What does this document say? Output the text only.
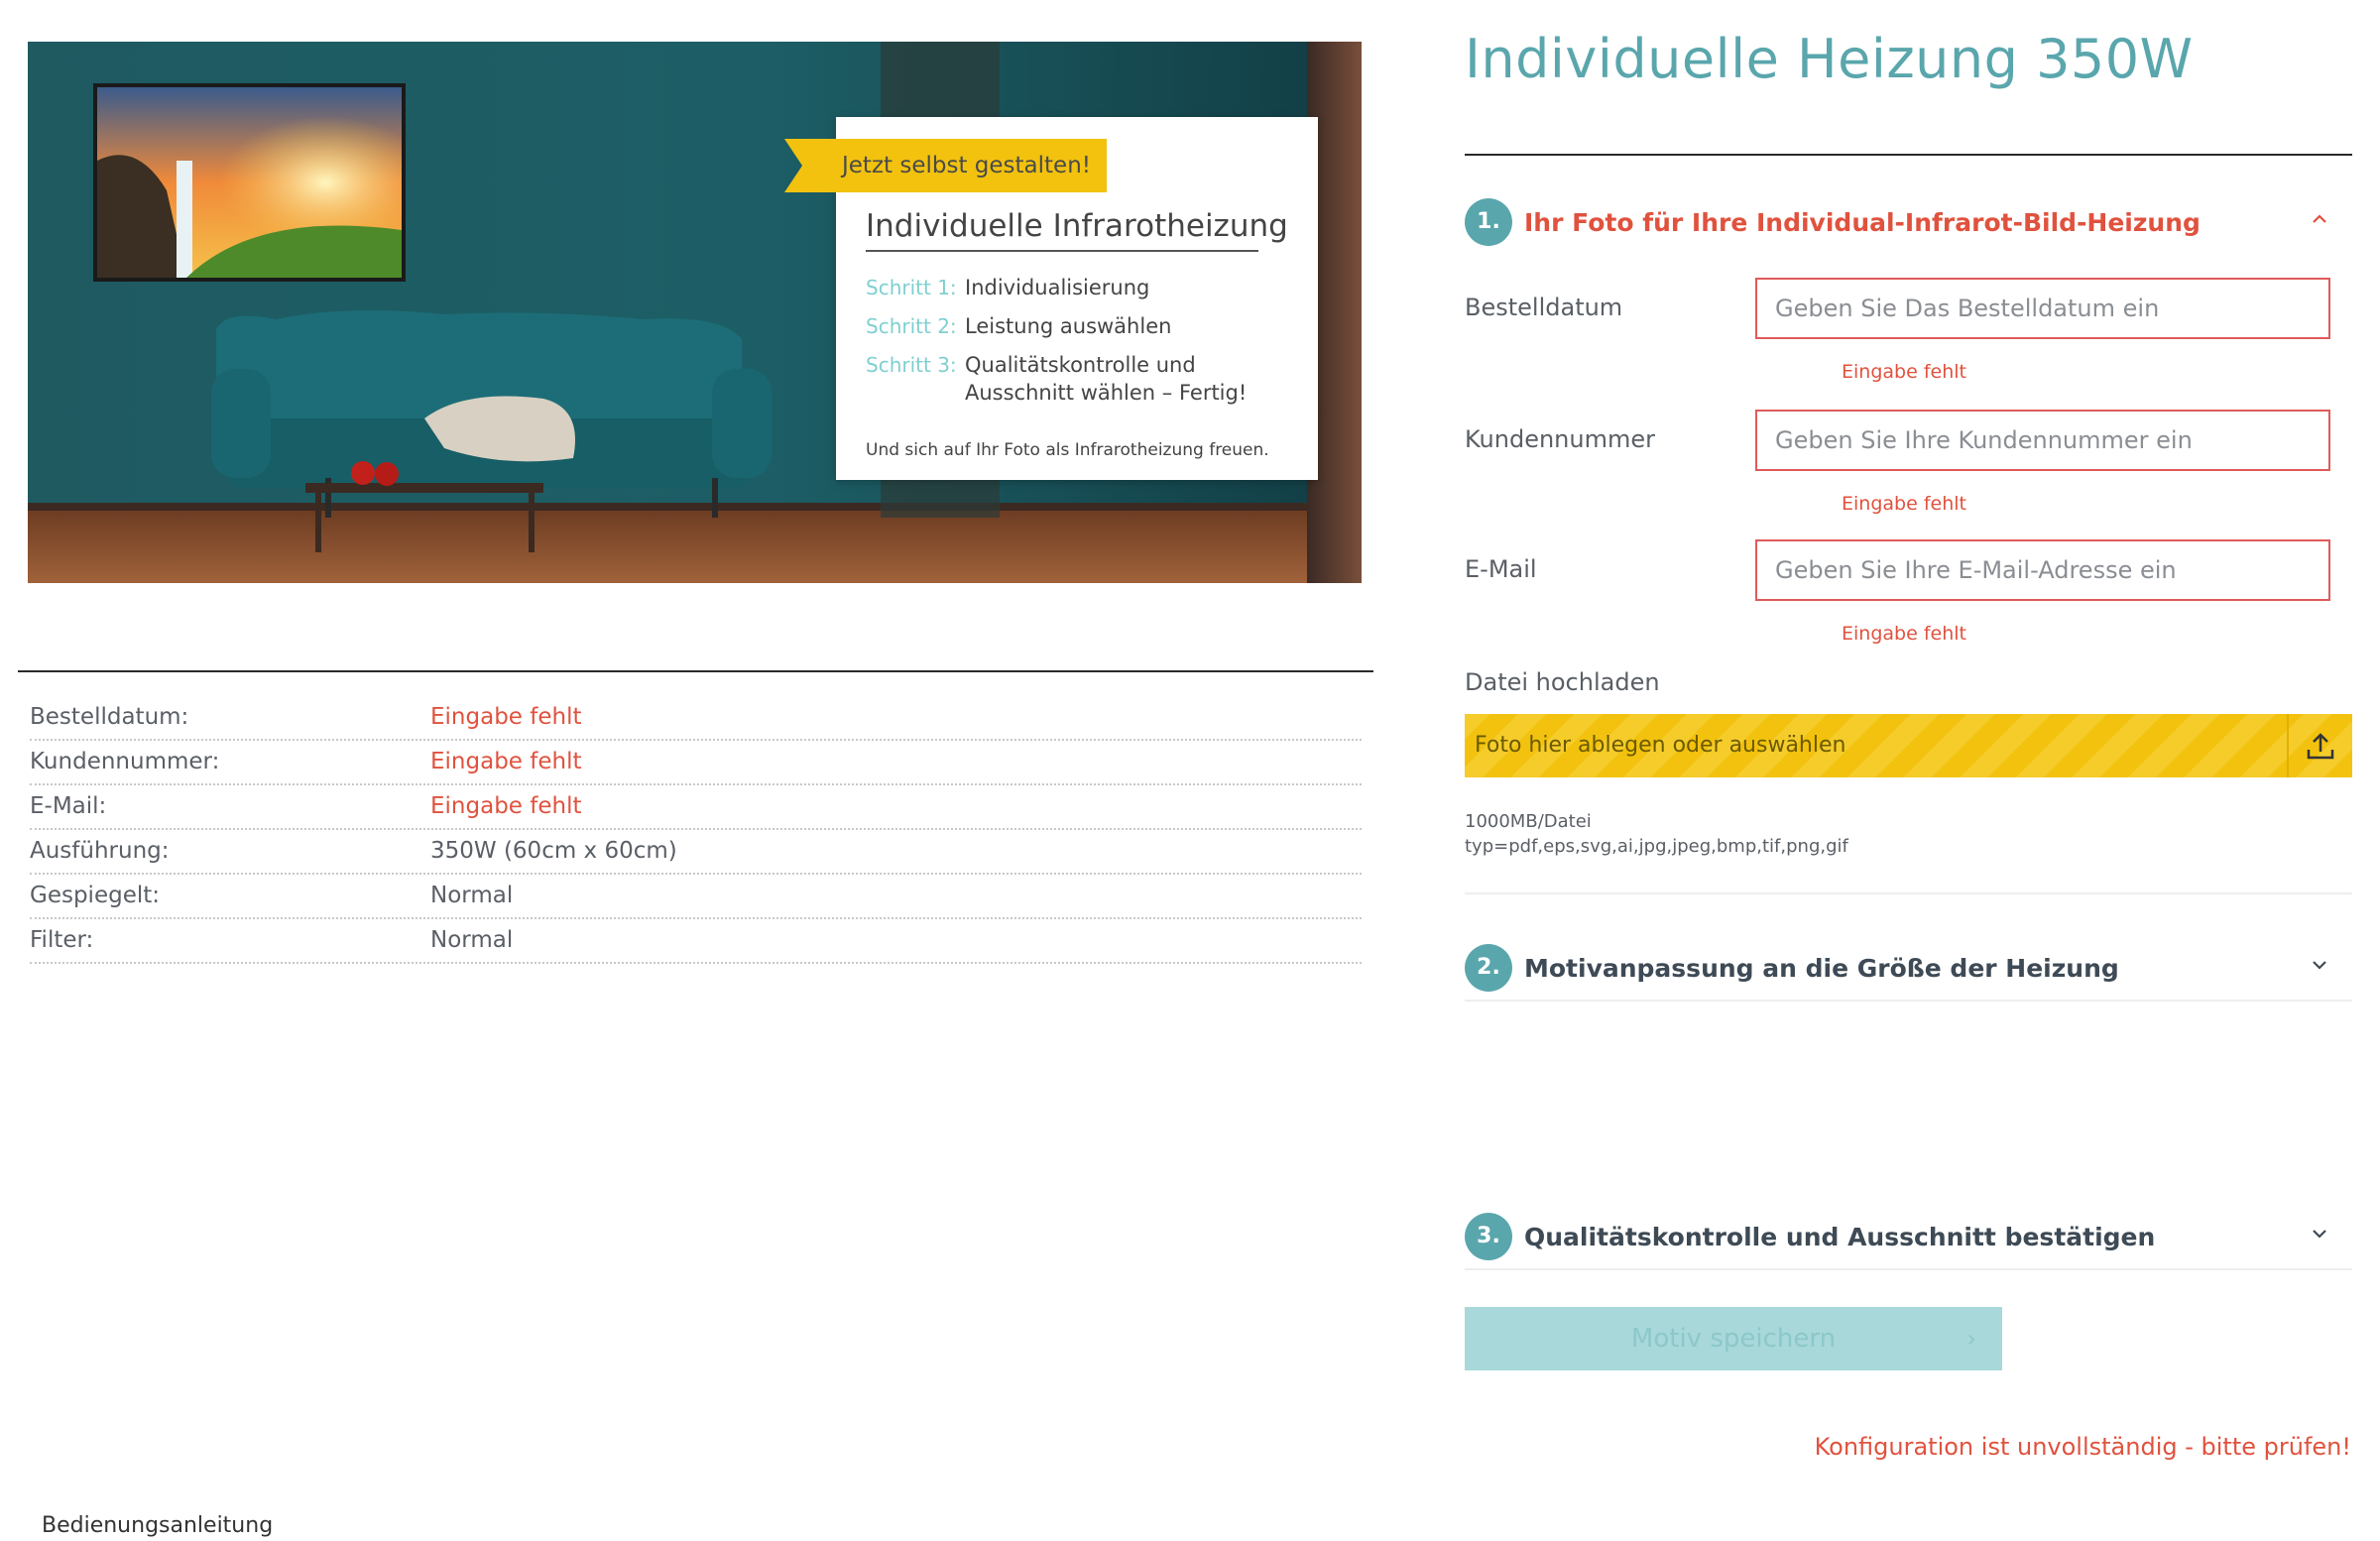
Jetzt selbst gestalten!
Individuelle Infrarotheizung
Schritt 1: Individualisierung
Schritt 2: Leistung auswählen
Schritt 3: Qualitätskontrolle und
Ausschnitt wählen – Fertig!
Und sich auf Ihr Foto als Infrarotheizung freuen.
Bestelldatum:	Eingabe fehlt
Kundennummer:	Eingabe fehlt
E-Mail:	Eingabe fehlt
Ausführung:	350W (60cm x 60cm)
Gespiegelt:	Normal
Filter:	Normal
Bedienungsanleitung
Individuelle Heizung 350W
1. Ihr Foto für Ihre Individual-Infrarot-Bild-Heizung
Bestelldatum
Geben Sie Das Bestelldatum ein
Eingabe fehlt
Kundennummer
Geben Sie Ihre Kundennummer ein
Eingabe fehlt
E-Mail
Geben Sie Ihre E-Mail-Adresse ein
Eingabe fehlt
Datei hochladen
Foto hier ablegen oder auswählen
1000MB/Datei
typ=pdf,eps,svg,ai,jpg,jpeg,bmp,tif,png,gif
2. Motivanpassung an die Größe der Heizung
3. Qualitätskontrolle und Ausschnitt bestätigen
Motiv speichern	›
Konfiguration ist unvollständig - bitte prüfen!
